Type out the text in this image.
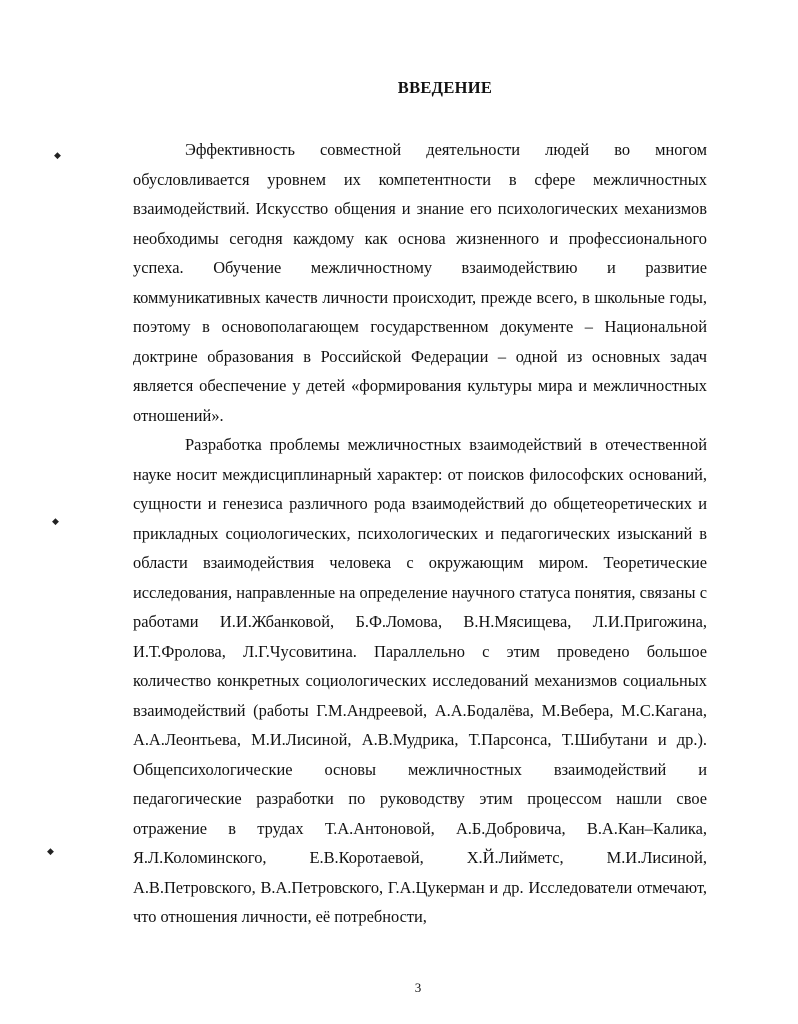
ВВЕДЕНИЕ
◆
◆
◆

Эффективность совместной деятельности людей во многом обусловливается уровнем их компетентности в сфере межличностных взаимодействий. Искусство общения и знание его психологических механизмов необходимы сегодня каждому как основа жизненного и профессионального успеха. Обучение межличностному взаимодействию и развитие коммуникативных качеств личности происходит, прежде всего, в школьные годы, поэтому в основополагающем государственном документе – Национальной доктрине образования в Российской Федерации – одной из основных задач является обеспечение у детей «формирования культуры мира и межличностных отношений».

Разработка проблемы межличностных взаимодействий в отечественной науке носит междисциплинарный характер: от поисков философских оснований, сущности и генезиса различного рода взаимодействий до общетеоретических и прикладных социологических, психологических и педагогических изысканий в области взаимодействия человека с окружающим миром. Теоретические исследования, направленные на определение научного статуса понятия, связаны с работами И.И.Жбанковой, Б.Ф.Ломова, В.Н.Мясищева, Л.И.Пригожина, И.Т.Фролова, Л.Г.Чусовитина. Параллельно с этим проведено большое количество конкретных социологических исследований механизмов социальных взаимодействий (работы Г.М.Андреевой, А.А.Бодалёва, М.Вебера, М.С.Кагана, А.А.Леонтьева, М.И.Лисиной, А.В.Мудрика, Т.Парсонса, Т.Шибутани и др.). Общепсихологические основы межличностных взаимодействий и педагогические разработки по руководству этим процессом нашли свое отражение в трудах Т.А.Антоновой, А.Б.Добровича, В.А.Кан–Калика, Я.Л.Коломинского, Е.В.Коротаевой, Х.Й.Лийметс, М.И.Лисиной, А.В.Петровского, В.А.Петровского, Г.А.Цукерман и др. Исследователи отмечают, что отношения личности, её потребности,

3
